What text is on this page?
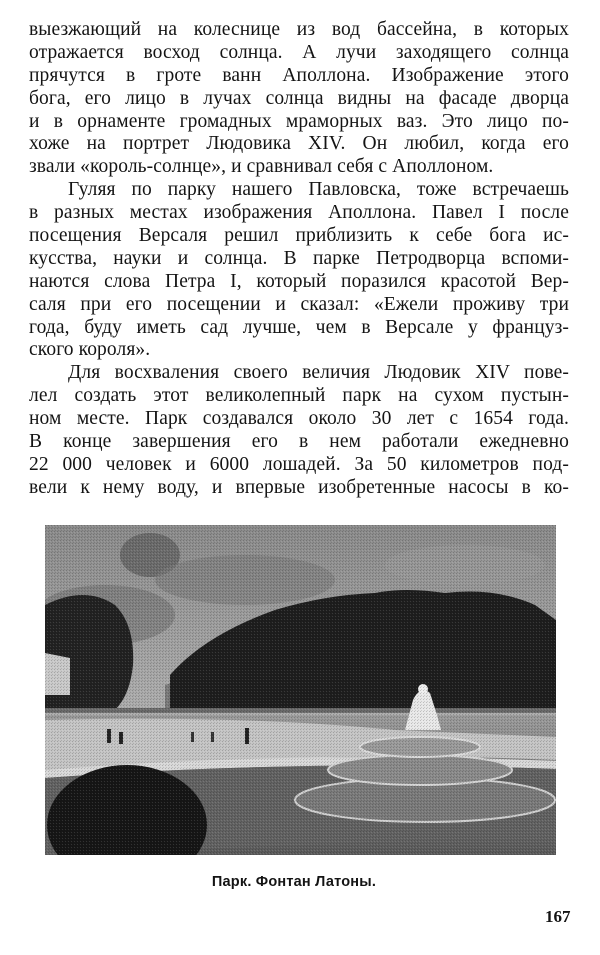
выезжающий на колеснице из вод бассейна, в которых
отражается восход солнца. А лучи заходящего солнца
прячутся в гроте ванн Аполлона. Изображение этого
бога, его лицо в лучах солнца видны на фасаде дворца
и в орнаменте громадных мраморных ваз. Это лицо по-
хоже на портрет Людовика XIV. Он любил, когда его
звали «король-солнце», и сравнивал себя с Аполлоном.
Гуляя по парку нашего Павловска, тоже встречаешь
в разных местах изображения Аполлона. Павел I после
посещения Версаля решил приблизить к себе бога ис-
кусства, науки и солнца. В парке Петродворца вспоми-
наются слова Петра I, который поразился красотой Вер-
саля при его посещении и сказал: «Ежели проживу три
года, буду иметь сад лучше, чем в Версале у француз-
ского короля».
Для восхваления своего величия Людовик XIV пове-
лел создать этот великолепный парк на сухом пустын-
ном месте. Парк создавался около 30 лет с 1654 года.
В конце завершения его в нем работали ежедневно
22 000 человек и 6000 лошадей. За 50 километров под-
вели к нему воду, и впервые изобретенные насосы в ко-
Парк. Фонтан Латоны.
167
